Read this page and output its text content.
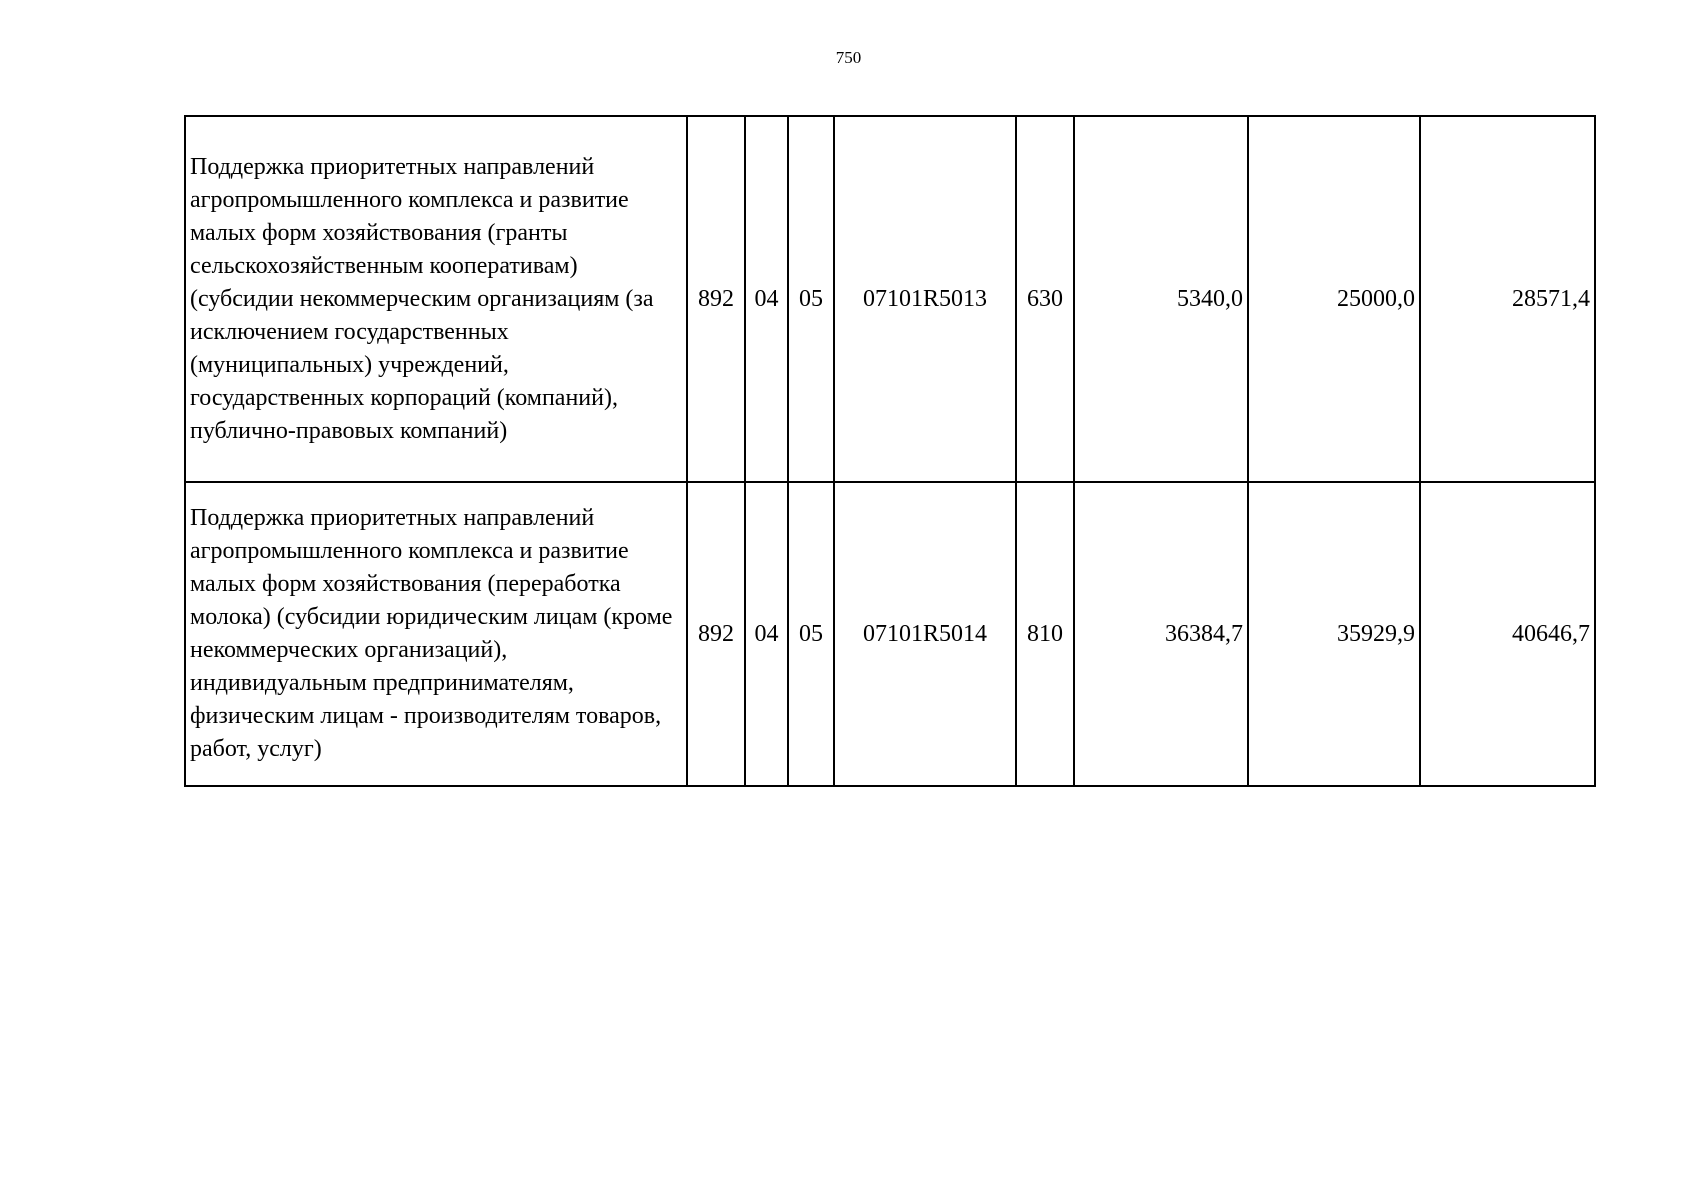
750
Поддержка приоритетных направлений агропромышленного комплекса и развитие малых форм хозяйствования (гранты сельскохозяйственным кооперативам) (субсидии некоммерческим организациям (за исключением государственных (муниципальных) учреждений, государственных корпораций (компаний), публично-правовых компаний)	892	04	05	07101R5013	630	5340,0	25000,0	28571,4
Поддержка приоритетных направлений агропромышленного комплекса и развитие малых форм хозяйствования (переработка молока) (субсидии юридическим лицам (кроме некоммерческих организаций), индивидуальным предпринимателям, физическим лицам - производителям товаров, работ, услуг)	892	04	05	07101R5014	810	36384,7	35929,9	40646,7
